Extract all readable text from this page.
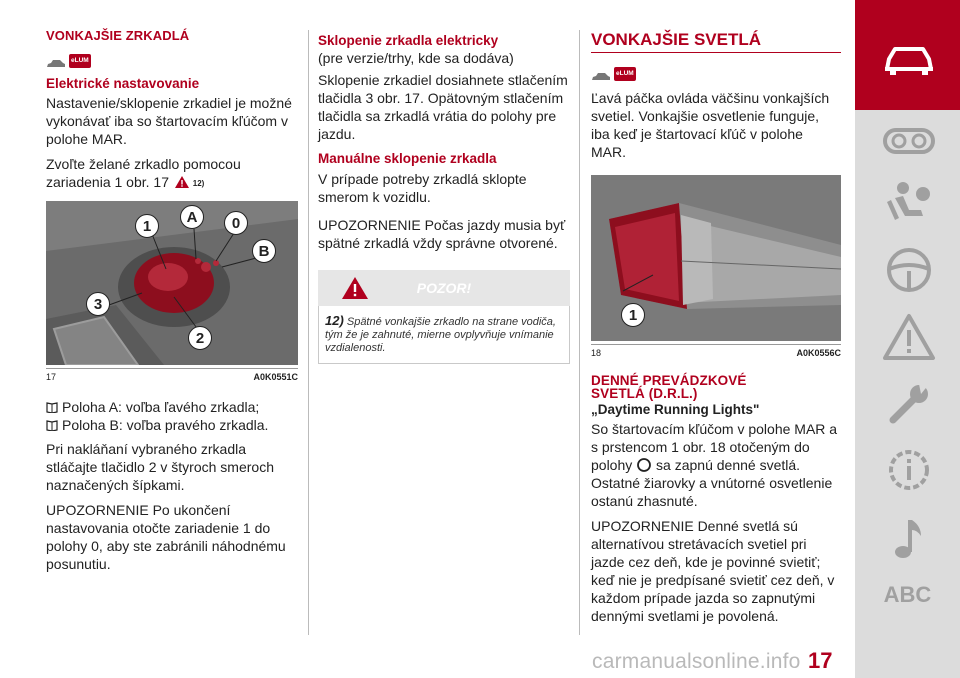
VONKAJŠIE ZRKADLÁ
eLUM
Elektrické nastavovanie

Nastavenie/sklopenie zrkadiel je možné vykonávať iba so štartovacím kľúčom v polohe MAR.

Zvoľte želané zrkadlo pomocou zariadenia 1 obr. 17	12)

1
A 0
B
3
2
17	A0K0551C
Poloha A: voľba ľavého zrkadla;
Poloha B: voľba pravého zrkadla.

Pri nakláňaní vybraného zrkadla stláčajte tlačidlo 2 v štyroch smeroch naznačených šípkami.

UPOZORNENIE Po ukončení nastavovania otočte zariadenie 1 do polohy 0, aby ste zabránili náhodnému posunutiu.

Sklopenie zrkadla elektricky

(pre verzie/trhy, kde sa dodáva)

Sklopenie zrkadiel dosiahnete stlačením tlačidla 3 obr. 17. Opätovným stlačením tlačidla sa zrkadlá vrátia do polohy pre jazdu.

Manuálne sklopenie zrkadla

V prípade potreby zrkadlá sklopte smerom k vozidlu.

UPOZORNENIE Počas jazdy musia byť spätné zrkadlá vždy správne otvorené.

POZOR!
12) Spätné vonkajšie zrkadlo na strane vodiča, tým že je zahnuté, mierne ovplyvňuje vnímanie vzdialenosti.
VONKAJŠIE SVETLÁ
eLUM

Ľavá páčka ovláda väčšinu vonkajších svetiel. Vonkajšie osvetlenie funguje, iba keď je štartovací kľúč v polohe MAR.

1
18	A0K0556C
DENNÉ PREVÁDZKOVÉ SVETLÁ (D.R.L.)
„Daytime Running Lights"

So štartovacím kľúčom v polohe MAR a s prstencom 1 obr. 18 otočeným do polohy sa zapnú denné svetlá. Ostatné žiarovky a vnútorné osvetlenie ostanú zhasnuté.

UPOZORNENIE Denné svetlá sú alternatívou stretávacích svetiel pri jazde cez deň, kde je povinné svietiť; keď nie je predpísané svietiť cez deň, v každom prípade jazda so zapnutými dennými svetlami je povolená.

ABC
carmanualsonline.info 17
